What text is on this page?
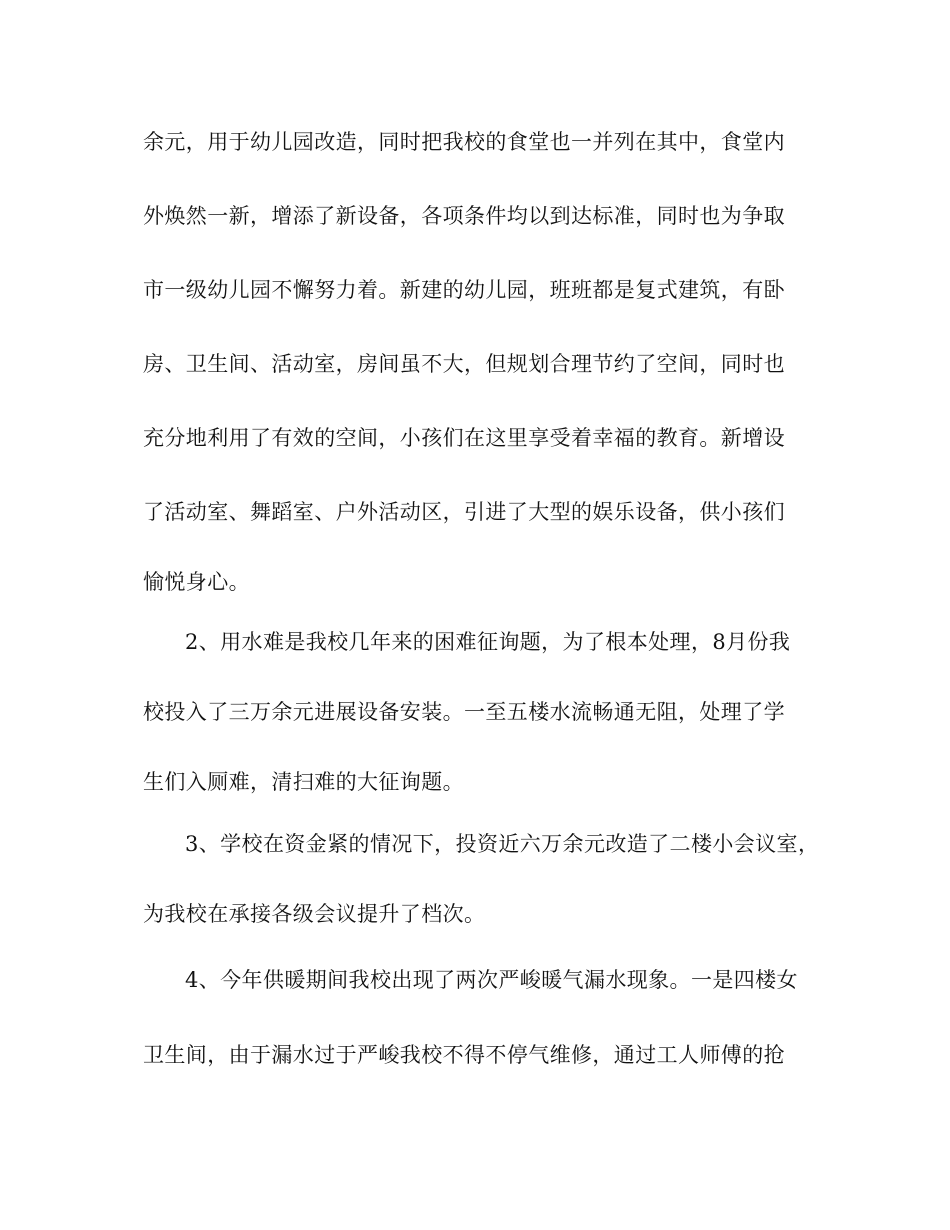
余元，用于幼儿园改造，同时把我校的食堂也一并列在其中，食堂内
外焕然一新，增添了新设备，各项条件均以到达标准，同时也为争取
市一级幼儿园不懈努力着。新建的幼儿园，班班都是复式建筑，有卧
房、卫生间、活动室，房间虽不大，但规划合理节约了空间，同时也
充分地利用了有效的空间，小孩们在这里享受着幸福的教育。新增设
了活动室、舞蹈室、户外活动区，引进了大型的娱乐设备，供小孩们
愉悦身心。
2、用水难是我校几年来的困难征询题，为了根本处理，8月份我
校投入了三万余元进展设备安装。一至五楼水流畅通无阻，处理了学
生们入厕难，清扫难的大征询题。
3、学校在资金紧的情况下，投资近六万余元改造了二楼小会议室，
为我校在承接各级会议提升了档次。
4、今年供暖期间我校出现了两次严峻暖气漏水现象。一是四楼女
卫生间，由于漏水过于严峻我校不得不停气维修，通过工人师傅的抢
